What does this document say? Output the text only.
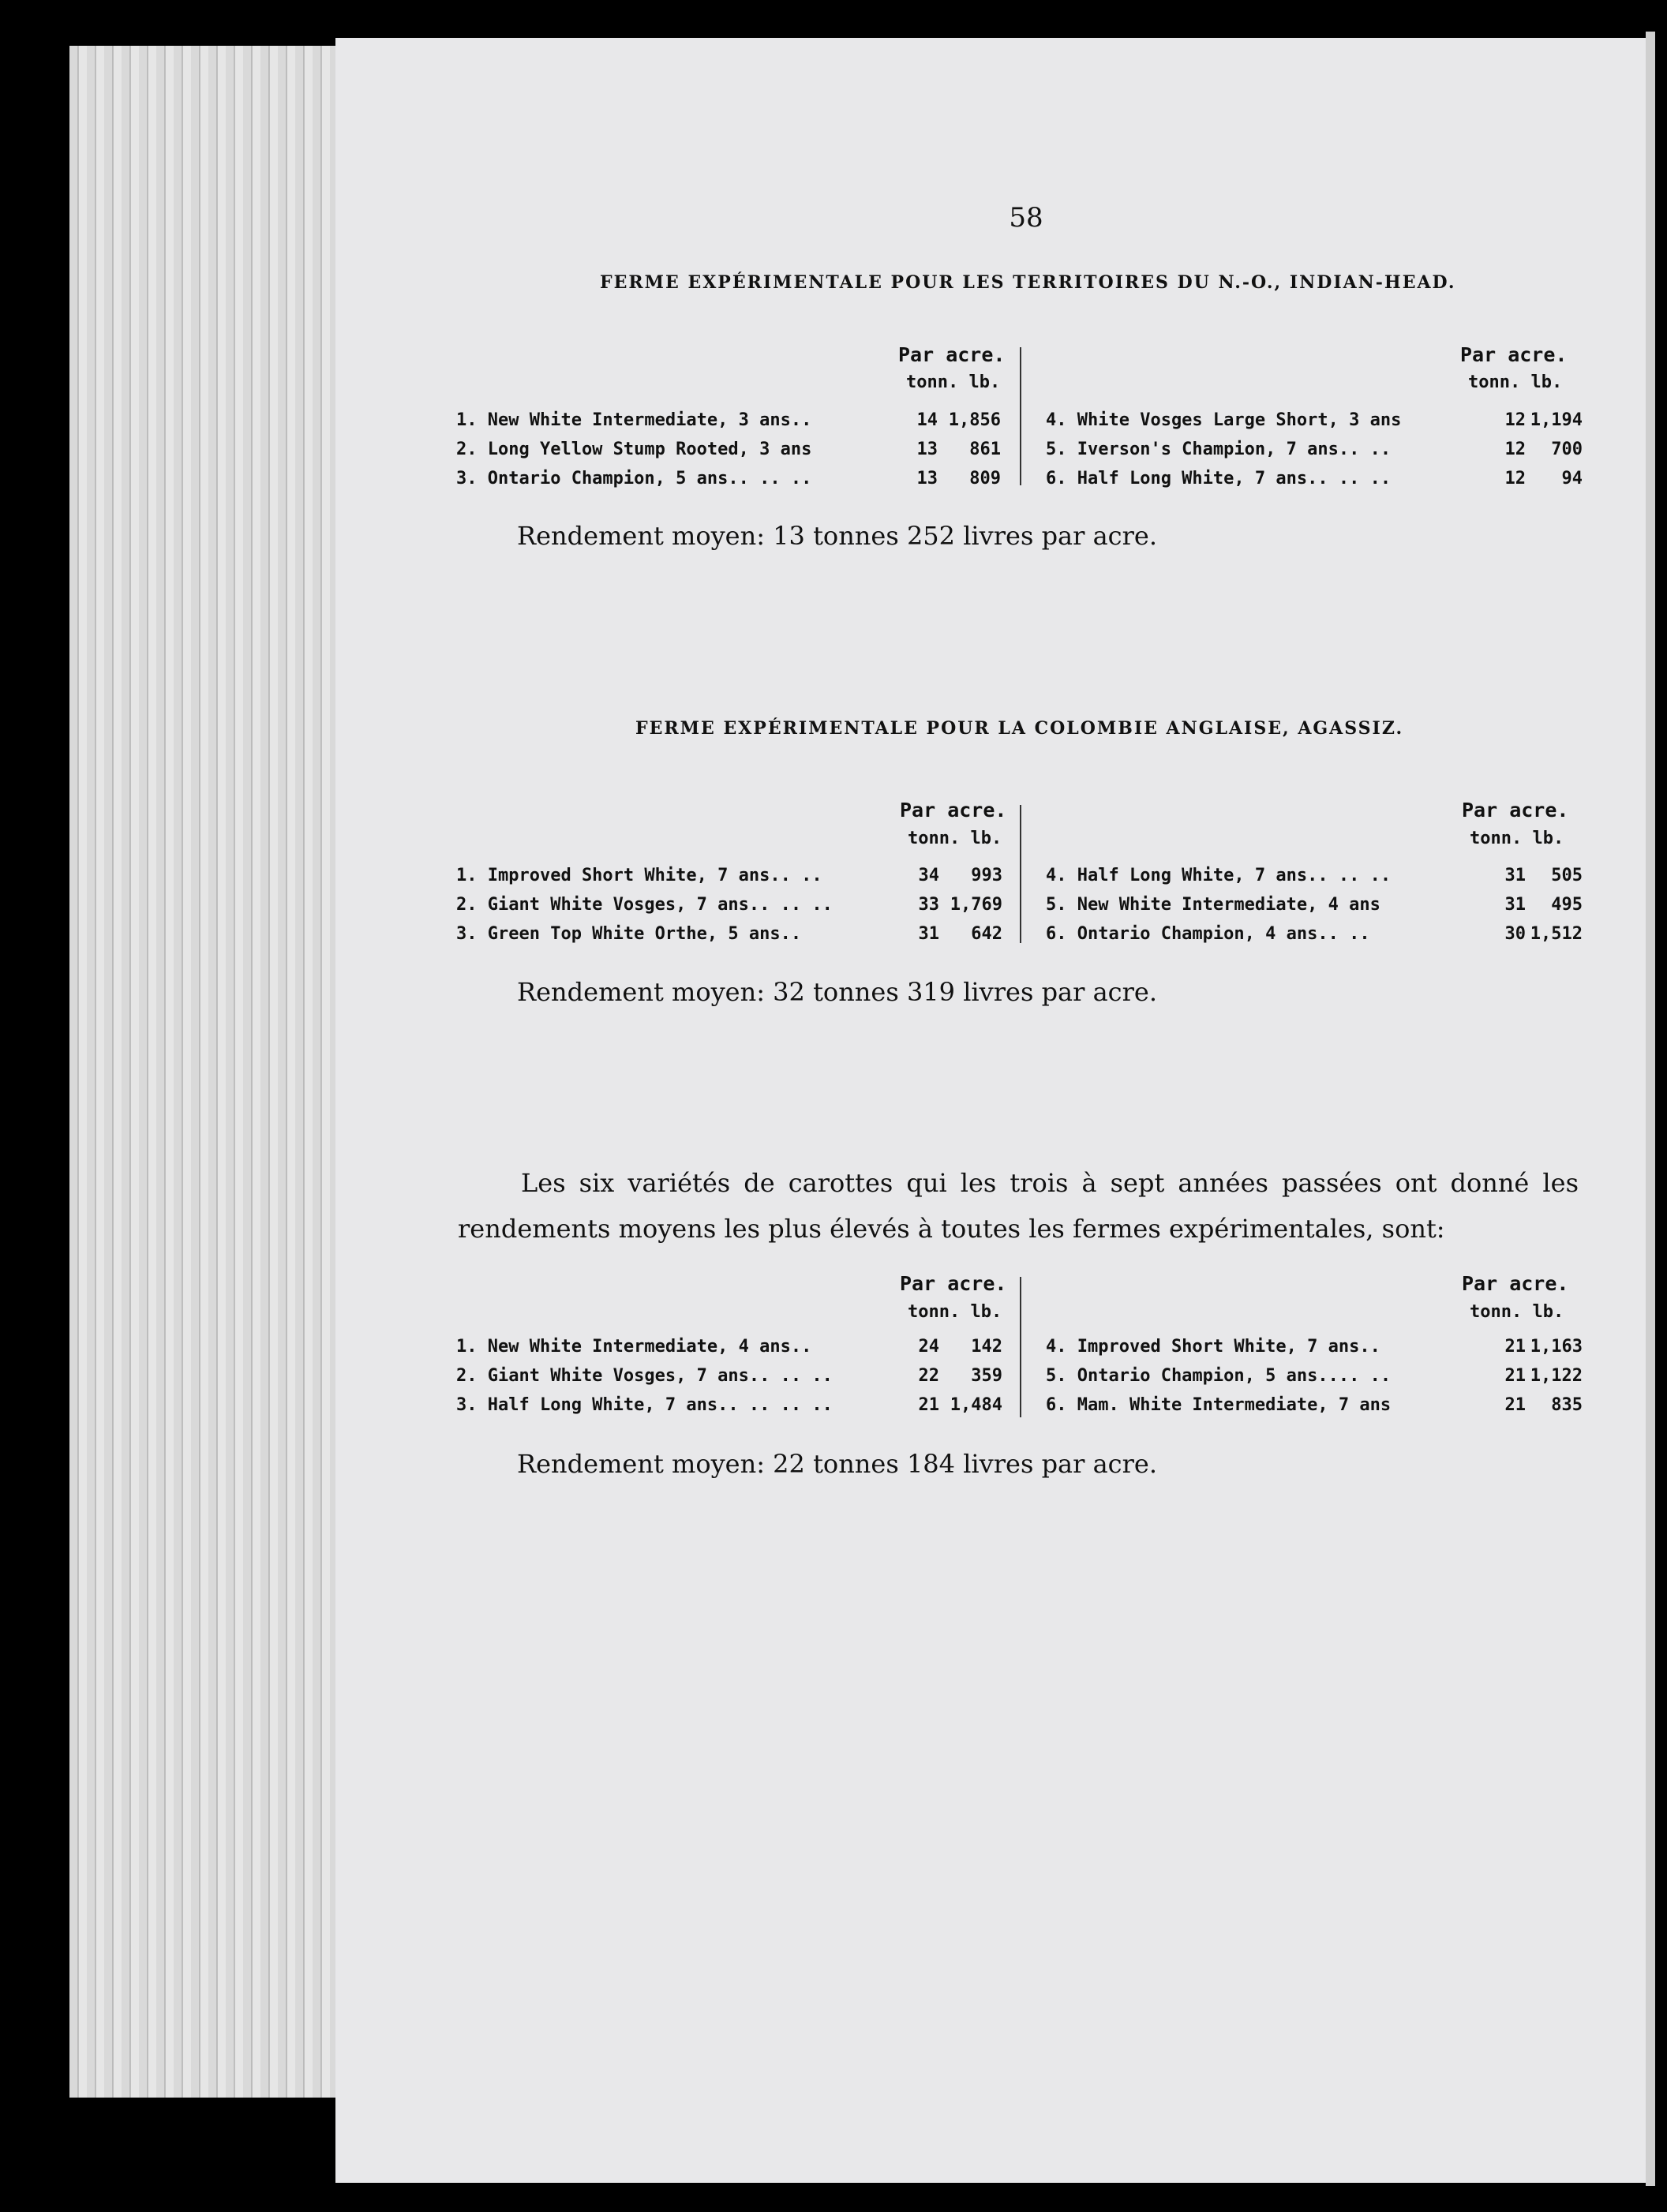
58
FERME EXPÉRIMENTALE POUR LES TERRITOIRES DU N.-O., INDIAN-HEAD.
Par acre.
tonn. lb.
Par acre.
tonn. lb.
1. New White Intermediate, 3 ans..	14 1,856
2. Long Yellow Stump Rooted, 3 ans	13	861
3. Ontario Champion, 5 ans.. .. ..	13	809
4. White Vosges Large Short, 3 ans	12 1,194
5. Iverson's Champion, 7 ans.. ..	12	700
6. Half Long White, 7 ans.. .. ..	12	94
Rendement moyen: 13 tonnes 252 livres par acre.
FERME EXPÉRIMENTALE POUR LA COLOMBIE ANGLAISE, AGASSIZ.
Par acre.
tonn. lb.
Par acre.
tonn. lb.
1. Improved Short White, 7 ans.. ..	34	993
2. Giant White Vosges, 7 ans.. .. ..	33 1,769
3. Green Top White Orthe, 5 ans..	31	642
4. Half Long White, 7 ans.. .. ..	31	505
5. New White Intermediate, 4 ans	31	495
6. Ontario Champion, 4 ans.. ..	30 1,512
Rendement moyen: 32 tonnes 319 livres par acre.
Les six variétés de carottes qui les trois à sept années passées ont donné les rendements moyens les plus élevés à toutes les fermes expérimentales, sont:
Par acre.
tonn. lb.
Par acre.
tonn. lb.
1. New White Intermediate, 4 ans..	24	142
2. Giant White Vosges, 7 ans.. .. ..	22	359
3. Half Long White, 7 ans.. .. .. ..	21 1,484
4. Improved Short White, 7 ans..	21 1,163
5. Ontario Champion, 5 ans.... ..	21 1,122
6. Mam. White Intermediate, 7 ans	21	835
Rendement moyen: 22 tonnes 184 livres par acre.
